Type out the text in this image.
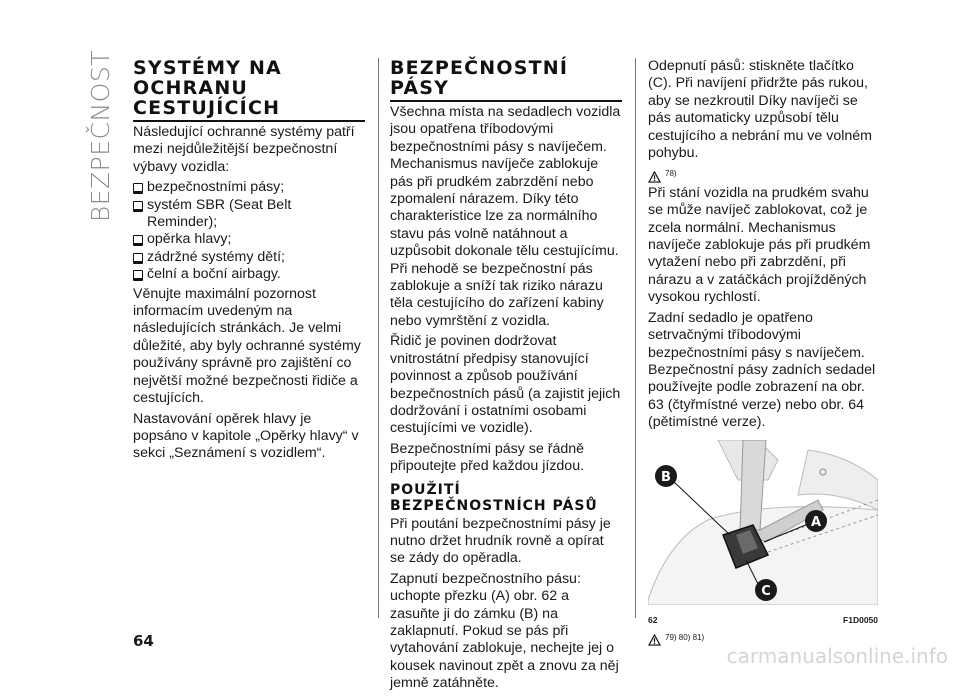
BEZPEČNOST SYSTÉMY NA OCHRANU CESTUJÍCÍCH

Následující ochranné systémy patří mezi nejdůležitější bezpečnostní výbavy vozidla:

bezpečnostními pásy;
systém SBR (Seat Belt Reminder);
opěrka hlavy;
zádržné systémy dětí;
čelní a boční airbagy.

Věnujte maximální pozornost informacím uvedeným na následujících stránkách. Je velmi důležité, aby byly ochranné systémy používány správně pro zajištění co největší možné bezpečnosti řidiče a cestujících.

Nastavování opěrek hlavy je popsáno v kapitole „Opěrky hlavy“ v sekci „Seznámení s vozidlem“.

BEZPEČNOSTNÍ PÁSY

Všechna místa na sedadlech vozidla jsou opatřena tříbodovými bezpečnostními pásy s navíječem. Mechanismus navíječe zablokuje pás při prudkém zabrzdění nebo zpomalení nárazem. Díky této charakteristice lze za normálního stavu pás volně natáhnout a uzpůsobit dokonale tělu cestujícímu. Při nehodě se bezpečnostní pás zablokuje a sníží tak riziko nárazu těla cestujícího do zařízení kabiny nebo vymrštění z vozidla.

Řidič je povinen dodržovat vnitrostátní předpisy stanovující povinnost a způsob používání bezpečnostních pásů (a zajistit jejich dodržování i ostatními osobami cestujícími ve vozidle).

Bezpečnostními pásy se řádně připoutejte před každou jízdou.

POUŽITÍ BEZPEČNOSTNÍCH PÁSŮ

Při poutání bezpečnostními pásy je nutno držet hrudník rovně a opírat se zády do opěradla.

Zapnutí bezpečnostního pásu: uchopte přezku (A) obr. 62 a zasuňte ji do zámku (B) na zaklapnutí. Pokud se pás při vytahování zablokuje, nechejte jej o kousek navinout zpět a znovu za něj jemně zatáhněte.

Odepnutí pásů: stiskněte tlačítko (C). Při navíjení přidržte pás rukou, aby se nezkroutil Díky navíječi se pás automaticky uzpůsobí tělu cestujícího a nebrání mu ve volném pohybu.

78)

Při stání vozidla na prudkém svahu se může navíječ zablokovat, což je zcela normální. Mechanismus navíječe zablokuje pás při prudkém vytažení nebo při zabrzdění, při nárazu a v zatáčkách projížděných vysokou rychlostí.

Zadní sedadlo je opatřeno setrvačnými tříbodovými bezpečnostními pásy s navíječem. Bezpečnostní pásy zadních sedadel používejte podle zobrazení na obr. 63 (čtyřmístné verze) nebo obr. 64 (pětimístné verze).

B
A
C
62	F1D0050
79) 80) 81)
64
carmanualsonline.info
